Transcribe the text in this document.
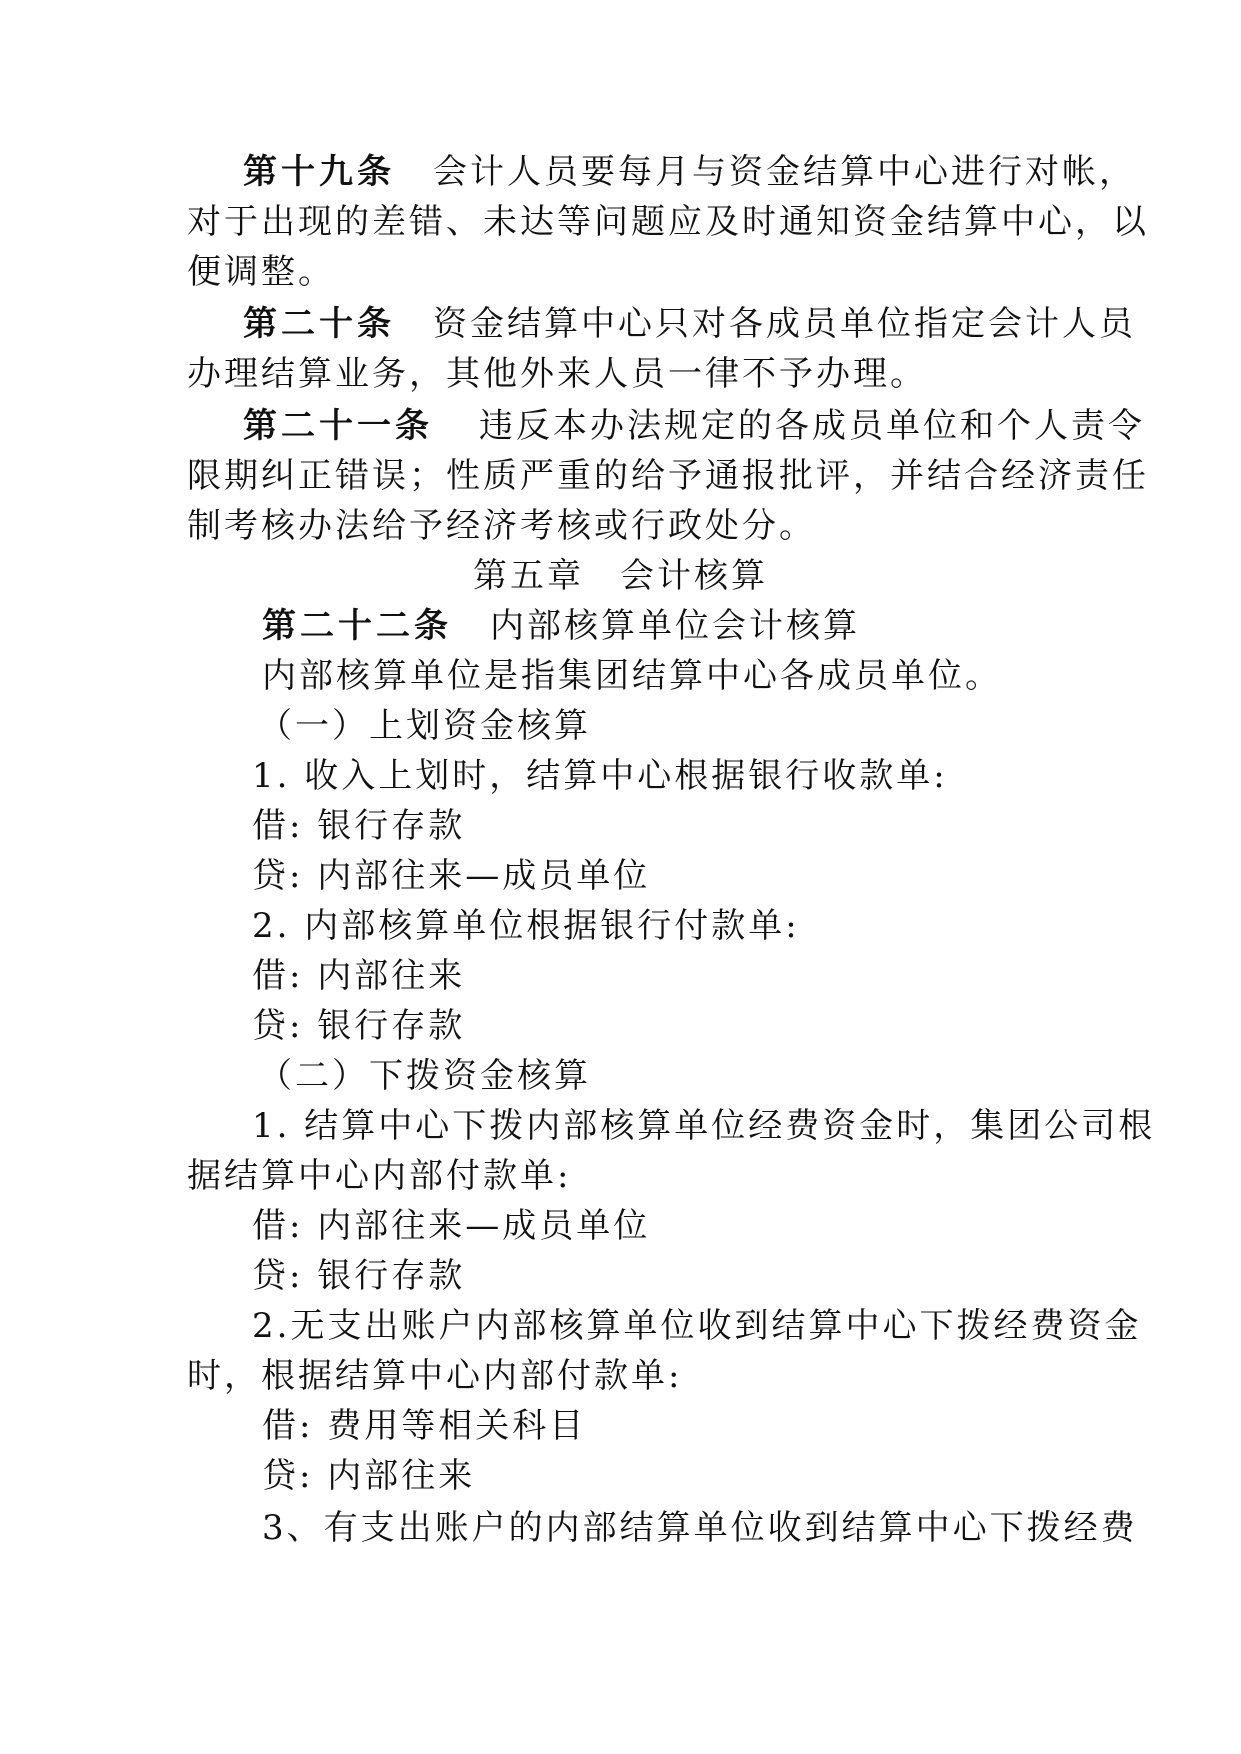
第十九条 会计人员要每月与资金结算中心进行对帐，
对于出现的差错、未达等问题应及时通知资金结算中心，以
便调整。
第二十条 资金结算中心只对各成员单位指定会计人员
办理结算业务，其他外来人员一律不予办理。
第二十一条 违反本办法规定的各成员单位和个人责令
限期纠正错误；性质严重的给予通报批评，并结合经济责任
制考核办法给予经济考核或行政处分。
第五章 会计核算
第二十二条 内部核算单位会计核算
内部核算单位是指集团结算中心各成员单位。
（一）上划资金核算
1. 收入上划时，结算中心根据银行收款单:
借: 银行存款
贷: 内部往来—成员单位
2. 内部核算单位根据银行付款单:
借: 内部往来
贷: 银行存款
（二）下拨资金核算
1. 结算中心下拨内部核算单位经费资金时，集团公司根
据结算中心内部付款单:
借: 内部往来—成员单位
贷: 银行存款
2.无支出账户内部核算单位收到结算中心下拨经费资金
时，根据结算中心内部付款单:
借: 费用等相关科目
贷: 内部往来
3、有支出账户的内部结算单位收到结算中心下拨经费
